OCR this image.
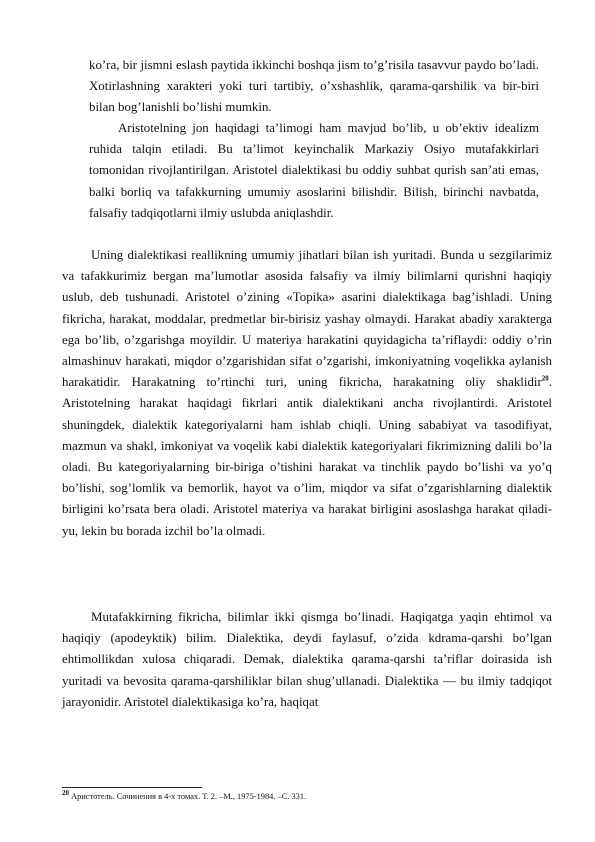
ko’ra, bir jismni eslash paytida ikkinchi boshqa jism to’g’risila tasavvur paydo bo’ladi. Xotirlashning xarakteri yoki turi tartibiy, o’xshashlik, qarama-qarshilik va bir-biri bilan bog’lanishli bo’lishi mumkin.

Aristotelning jon haqidagi ta’limogi ham mavjud bo’lib, u ob’ektiv idealizm ruhida talqin etiladi. Bu ta’limot keyinchalik Markaziy Osiyo mutafakkirlari tomonidan rivojlantirilgan. Aristotel dialektikasi bu oddiy suhbat qurish san’ati emas, balki borliq va tafakkurning umumiy asoslarini bilishdir. Bilish, birinchi navbatda, falsafiy tadqiqotlarni ilmiy uslubda aniqlashdir.

Uning dialektikasi reallikning umumiy jihatlari bilan ish yuritadi. Bunda u sezgilarimiz va tafakkurimiz bergan ma’lumotlar asosida falsafiy va ilmiy bilimlarni qurishni haqiqiy uslub, deb tushunadi. Aristotel o’zining «Topika» asarini dialektikaga bag’ishladi. Uning fikricha, harakat, moddalar, predmetlar bir-birisiz yashay olmaydi. Harakat abadiy xarakterga ega bo’lib, o’zgarishga moyildir. U materiya harakatini quyidagicha ta’riflaydi: oddiy o’rin almashinuv harakati, miqdor o’zgarishidan sifat o’zgarishi, imkoniyatning voqelikka aylanish harakatidir. Harakatning to’rtinchi turi, uning fikricha, harakatning oliy shaklidir$^{20}$. Aristotelning harakat haqidagi fikrlari antik dialektikani ancha rivojlantirdi. Aristotel shuningdek, dialektik kategoriyalarni ham ishlab chiqli. Uning sababiyat va tasodifiyat, mazmun va shakl, imkoniyat va voqelik kabi dialektik kategoriyalari fikrimizning dalili bo’la oladi. Bu kategoriyalarning bir-biriga o’tishini harakat va tinchlik paydo bo’lishi va yo’q bo’lishi, sog’lomlik va bemorlik, hayot va o’lim, miqdor va sifat o’zgarishlarning dialektik birligini ko’rsata bera oladi. Aristotel materiya va harakat birligini asoslashga harakat qiladi-yu, lekin bu borada izchil bo’la olmadi.

Mutafakkirning fikricha, bilimlar ikki qismga bo’linadi. Haqiqatga yaqin ehtimol va haqiqiy (apodeyktik) bilim. Dialektika, deydi faylasuf, o’zida kdrama-qarshi bo’lgan ehtimollikdan xulosa chiqaradi. Demak, dialektika qarama-qarshi ta’riflar doirasida ish yuritadi va bevosita qarama-qarshiliklar bilan shug’ullanadi. Dialektika — bu ilmiy tadqiqot jarayonidir. Aristotel dialektikasiga ko’ra, haqiqat

$^{20}$ Аристотель. Сочинения в 4-х томах. Т. 2. –М., 1975-1984. –С. 331.
